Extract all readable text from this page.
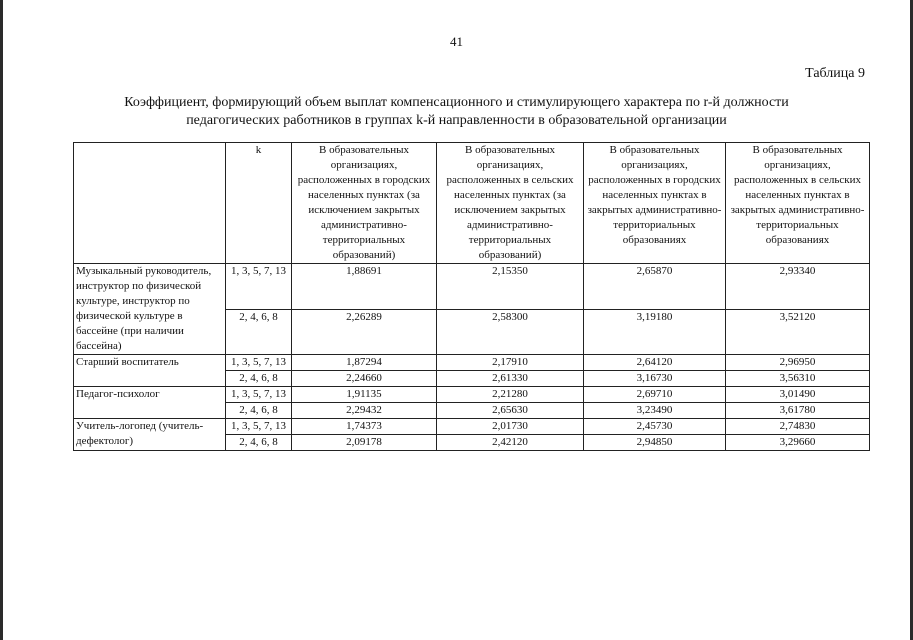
41
Таблица 9
Коэффициент, формирующий объем выплат компенсационного и стимулирующего характера по r-й должности
педагогических работников в группах k-й направленности в образовательной организации
	k	В образовательных организациях, расположенных в городских населенных пунктах (за исключением закрытых административно-территориальных образований)	В образовательных организациях, расположенных в сельских населенных пунктах (за исключением закрытых административно-территориальных образований)	В образовательных организациях, расположенных в городских населенных пунктах в закрытых административно-территориальных образованиях	В образовательных организациях, расположенных в сельских населенных пунктах в закрытых административно-территориальных образованиях
Музыкальный руководитель, инструктор по физической культуре, инструктор по физической культуре в бассейне (при наличии бассейна)	1, 3, 5, 7, 13	1,88691	2,15350	2,65870	2,93340
	2, 4, 6, 8	2,26289	2,58300	3,19180	3,52120
Старший воспитатель	1, 3, 5, 7, 13	1,87294	2,17910	2,64120	2,96950
	2, 4, 6, 8	2,24660	2,61330	3,16730	3,56310
Педагог-психолог	1, 3, 5, 7, 13	1,91135	2,21280	2,69710	3,01490
	2, 4, 6, 8	2,29432	2,65630	3,23490	3,61780
Учитель-логопед (учитель-дефектолог)	1, 3, 5, 7, 13	1,74373	2,01730	2,45730	2,74830
	2, 4, 6, 8	2,09178	2,42120	2,94850	3,29660
